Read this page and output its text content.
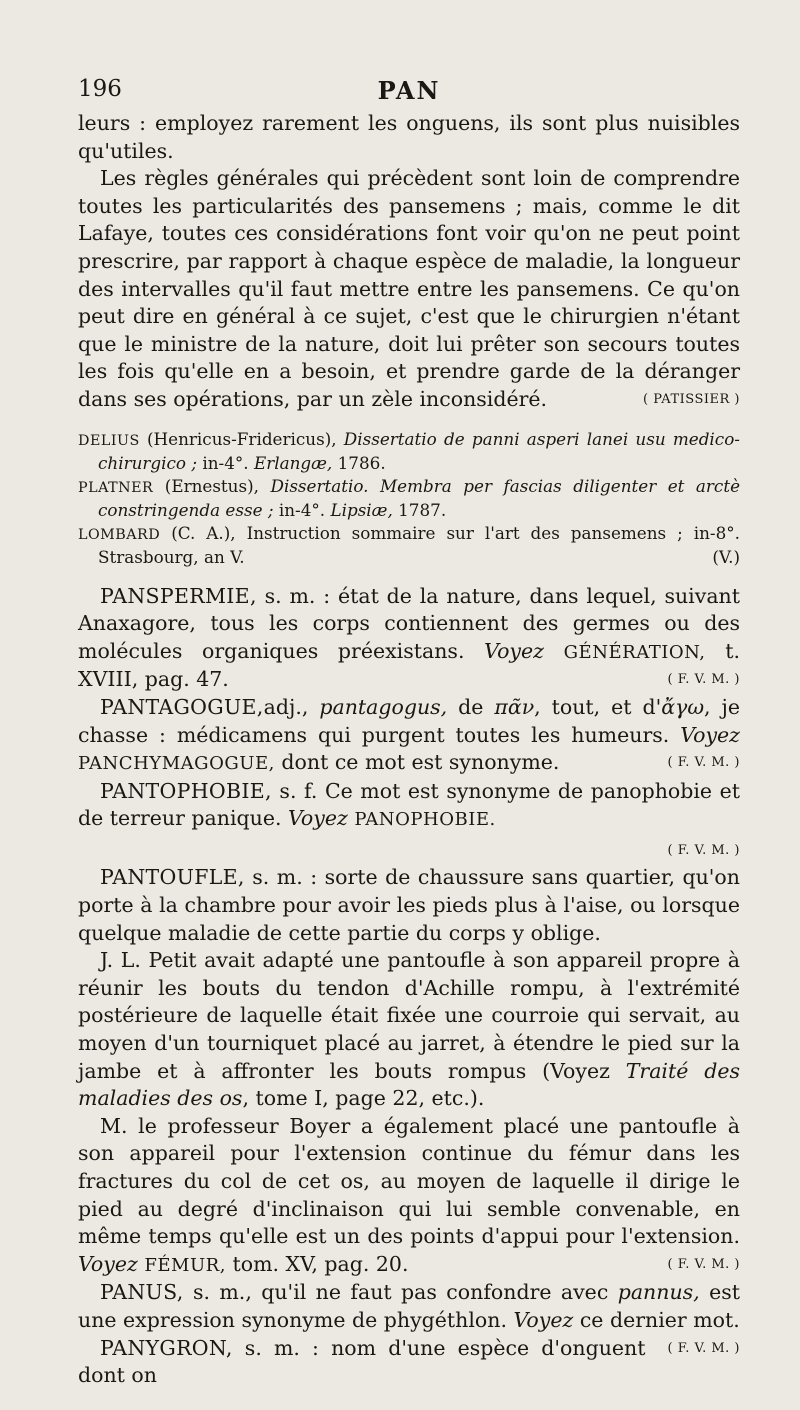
196	PAN

leurs : employez rarement les onguens, ils sont plus nuisibles qu'utiles.

Les règles générales qui précèdent sont loin de comprendre toutes les particularités des pansemens ; mais, comme le dit Lafaye, toutes ces considérations font voir qu'on ne peut point prescrire, par rapport à chaque espèce de maladie, la longueur des intervalles qu'il faut mettre entre les pansemens. Ce qu'on peut dire en général à ce sujet, c'est que le chirurgien n'étant que le ministre de la nature, doit lui prêter son secours toutes les fois qu'elle en a besoin, et prendre garde de la déranger dans ses opérations, par un zèle inconsidéré.	( PATISSIER )

DELIUS (Henricus-Fridericus), Dissertatio de panni asperi lanei usu medico-chirurgico ; in-4°. Erlangæ, 1786.

PLATNER (Ernestus), Dissertatio. Membra per fascias diligenter et arctè constringenda esse ; in-4°. Lipsiæ, 1787.

LOMBARD (C. A.), Instruction sommaire sur l'art des pansemens ; in-8°. Strasbourg, an V.	(V.)

PANSPERMIE, s. m. : état de la nature, dans lequel, suivant Anaxagore, tous les corps contiennent des germes ou des molécules organiques préexistans. Voyez GÉNÉRATION, t. XVIII, pag. 47.	( F. V. M. )

PANTAGOGUE,adj., pantagogus, de πᾶν, tout, et d'ἄγω, je chasse : médicamens qui purgent toutes les humeurs. Voyez PANCHYMAGOGUE, dont ce mot est synonyme.	( F. V. M. )

PANTOPHOBIE, s. f. Ce mot est synonyme de panophobie et de terreur panique. Voyez PANOPHOBIE.

( F. V. M. )

PANTOUFLE, s. m. : sorte de chaussure sans quartier, qu'on porte à la chambre pour avoir les pieds plus à l'aise, ou lorsque quelque maladie de cette partie du corps y oblige.

J. L. Petit avait adapté une pantoufle à son appareil propre à réunir les bouts du tendon d'Achille rompu, à l'extrémité postérieure de laquelle était fixée une courroie qui servait, au moyen d'un tourniquet placé au jarret, à étendre le pied sur la jambe et à affronter les bouts rompus (Voyez Traité des maladies des os, tome I, page 22, etc.).

M. le professeur Boyer a également placé une pantoufle à son appareil pour l'extension continue du fémur dans les fractures du col de cet os, au moyen de laquelle il dirige le pied au degré d'inclinaison qui lui semble convenable, en même temps qu'elle est un des points d'appui pour l'extension. Voyez FÉMUR, tom. XV, pag. 20.	( F. V. M. )

PANUS, s. m., qu'il ne faut pas confondre avec pannus, est une expression synonyme de phygéthlon. Voyez ce dernier mot.
( F. V. M. )

PANYGRON, s. m. : nom d'une espèce d'onguent dont on
